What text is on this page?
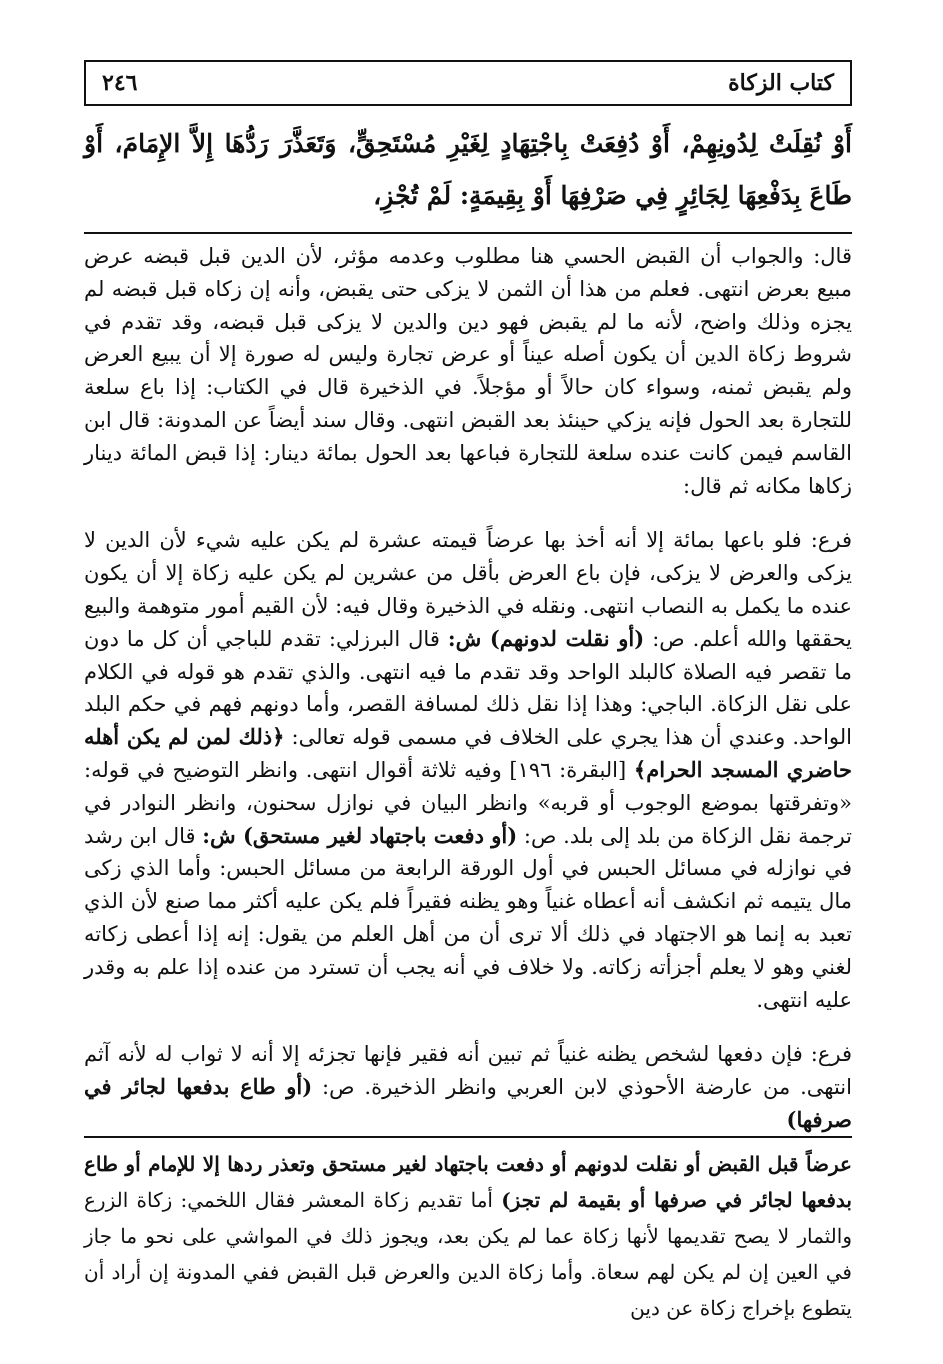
كتاب الزكاة
٢٤٦
أَوْ نُقِلَتْ لِدُونِهِمْ، أَوْ دُفِعَتْ بِاجْتِهَادٍ لِغَيْرِ مُسْتَحِقٍّ، وَتَعَذَّرَ رَدُّهَا إِلاَّ الإِمَامَ، أَوْ طَاعَ بِدَفْعِهَا لِجَائِرٍ فِي صَرْفِهَا أَوْ بِقِيمَةٍ: لَمْ تُجْزِ،

قال: والجواب أن القبض الحسي هنا مطلوب وعدمه مؤثر، لأن الدين قبل قبضه عرض مبيع بعرض انتهى. فعلم من هذا أن الثمن لا يزكى حتى يقبض، وأنه إن زكاه قبل قبضه لم يجزه وذلك واضح، لأنه ما لم يقبض فهو دين والدين لا يزكى قبل قبضه، وقد تقدم في شروط زكاة الدين أن يكون أصله عيناً أو عرض تجارة وليس له صورة إلا أن يبيع العرض ولم يقبض ثمنه، وسواء كان حالاً أو مؤجلاً. في الذخيرة قال في الكتاب: إذا باع سلعة للتجارة بعد الحول فإنه يزكي حينئذ بعد القبض انتهى. وقال سند أيضاً عن المدونة: قال ابن القاسم فيمن كانت عنده سلعة للتجارة فباعها بعد الحول بمائة دينار: إذا قبض المائة دينار زكاها مكانه ثم قال:

فرع: فلو باعها بمائة إلا أنه أخذ بها عرضاً قيمته عشرة لم يكن عليه شيء لأن الدين لا يزكى والعرض لا يزكى، فإن باع العرض بأقل من عشرين لم يكن عليه زكاة إلا أن يكون عنده ما يكمل به النصاب انتهى. ونقله في الذخيرة وقال فيه: لأن القيم أمور متوهمة والبيع يحققها والله أعلم. ص: (أو نقلت لدونهم) ش: قال البرزلي: تقدم للباجي أن كل ما دون ما تقصر فيه الصلاة كالبلد الواحد وقد تقدم ما فيه انتهى. والذي تقدم هو قوله في الكلام على نقل الزكاة. الباجي: وهذا إذا نقل ذلك لمسافة القصر، وأما دونهم فهم في حكم البلد الواحد. وعندي أن هذا يجري على الخلاف في مسمى قوله تعالى: ﴿ذلك لمن لم يكن أهله حاضري المسجد الحرام﴾ [البقرة: ١٩٦] وفيه ثلاثة أقوال انتهى. وانظر التوضيح في قوله: «وتفرقتها بموضع الوجوب أو قربه» وانظر البيان في نوازل سحنون، وانظر النوادر في ترجمة نقل الزكاة من بلد إلى بلد. ص: (أو دفعت باجتهاد لغير مستحق) ش: قال ابن رشد في نوازله في مسائل الحبس في أول الورقة الرابعة من مسائل الحبس: وأما الذي زكى مال يتيمه ثم انكشف أنه أعطاه غنياً وهو يظنه فقيراً فلم يكن عليه أكثر مما صنع لأن الذي تعبد به إنما هو الاجتهاد في ذلك ألا ترى أن من أهل العلم من يقول: إنه إذا أعطى زكاته لغني وهو لا يعلم أجزأته زكاته. ولا خلاف في أنه يجب أن تسترد من عنده إذا علم به وقدر عليه انتهى.

فرع: فإن دفعها لشخص يظنه غنياً ثم تبين أنه فقير فإنها تجزئه إلا أنه لا ثواب له لأنه آثم انتهى. من عارضة الأحوذي لابن العربي وانظر الذخيرة. ص: (أو طاع بدفعها لجائر في صرفها)

عرضاً قبل القبض أو نقلت لدونهم أو دفعت باجتهاد لغير مستحق وتعذر ردها إلا للإمام أو طاع بدفعها لجائر في صرفها أو بقيمة لم تجز) أما تقديم زكاة المعشر فقال اللخمي: زكاة الزرع والثمار لا يصح تقديمها لأنها زكاة عما لم يكن بعد، ويجوز ذلك في المواشي على نحو ما جاز في العين إن لم يكن لهم سعاة. وأما زكاة الدين والعرض قبل القبض ففي المدونة إن أراد أن يتطوع بإخراج زكاة عن دين
